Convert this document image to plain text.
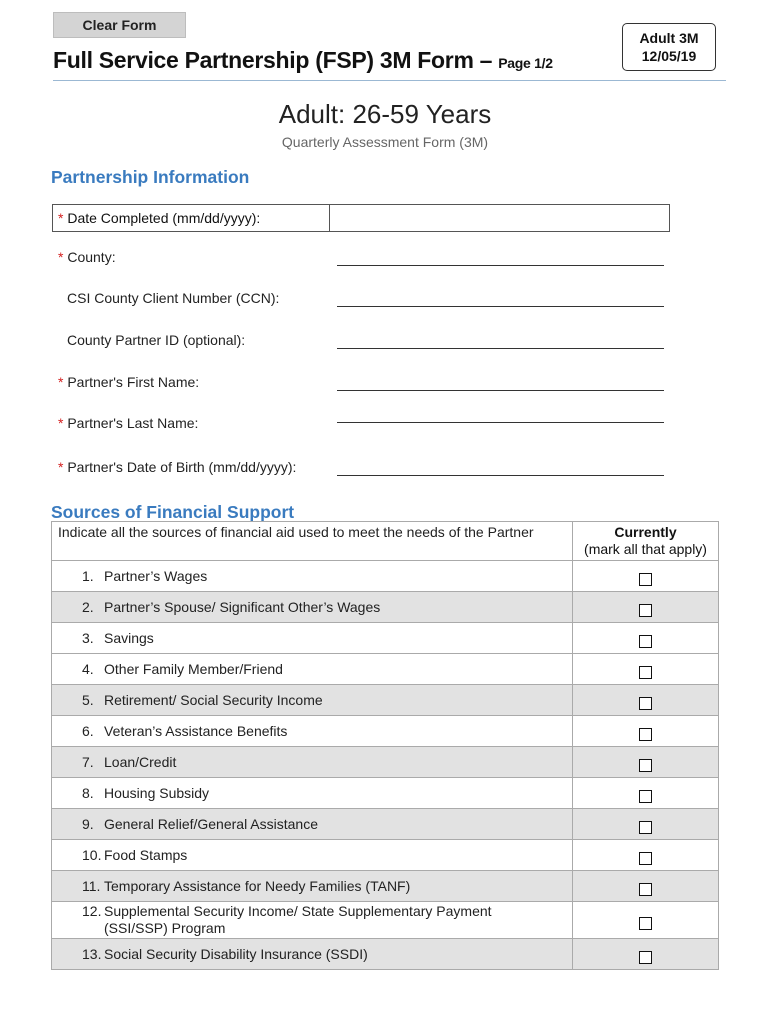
Clear Form
Full Service Partnership (FSP) 3M Form – Page 1/2
Adult 3M
12/05/19
Adult: 26-59 Years
Quarterly Assessment Form (3M)
Partnership Information
* Date Completed (mm/dd/yyyy):
* County:
CSI County Client Number (CCN):
County Partner ID (optional):
* Partner's First Name:
* Partner's Last Name:
* Partner's Date of Birth (mm/dd/yyyy):
Sources of Financial Support
Indicate all the sources of financial aid used to meet the needs of the Partner	Currently
(mark all that apply)

1. Partner’s Wages	
2. Partner’s Spouse/ Significant Other’s Wages	
3. Savings	
4. Other Family Member/Friend	
5. Retirement/ Social Security Income	
6. Veteran’s Assistance Benefits	
7. Loan/Credit	
8. Housing Subsidy	
9. General Relief/General Assistance	
10. Food Stamps	
11. Temporary Assistance for Needy Families (TANF)	

12. Supplemental Security Income/ State Supplementary Payment (SSI/SSP) Program	

13. Social Security Disability Insurance (SSDI)	
